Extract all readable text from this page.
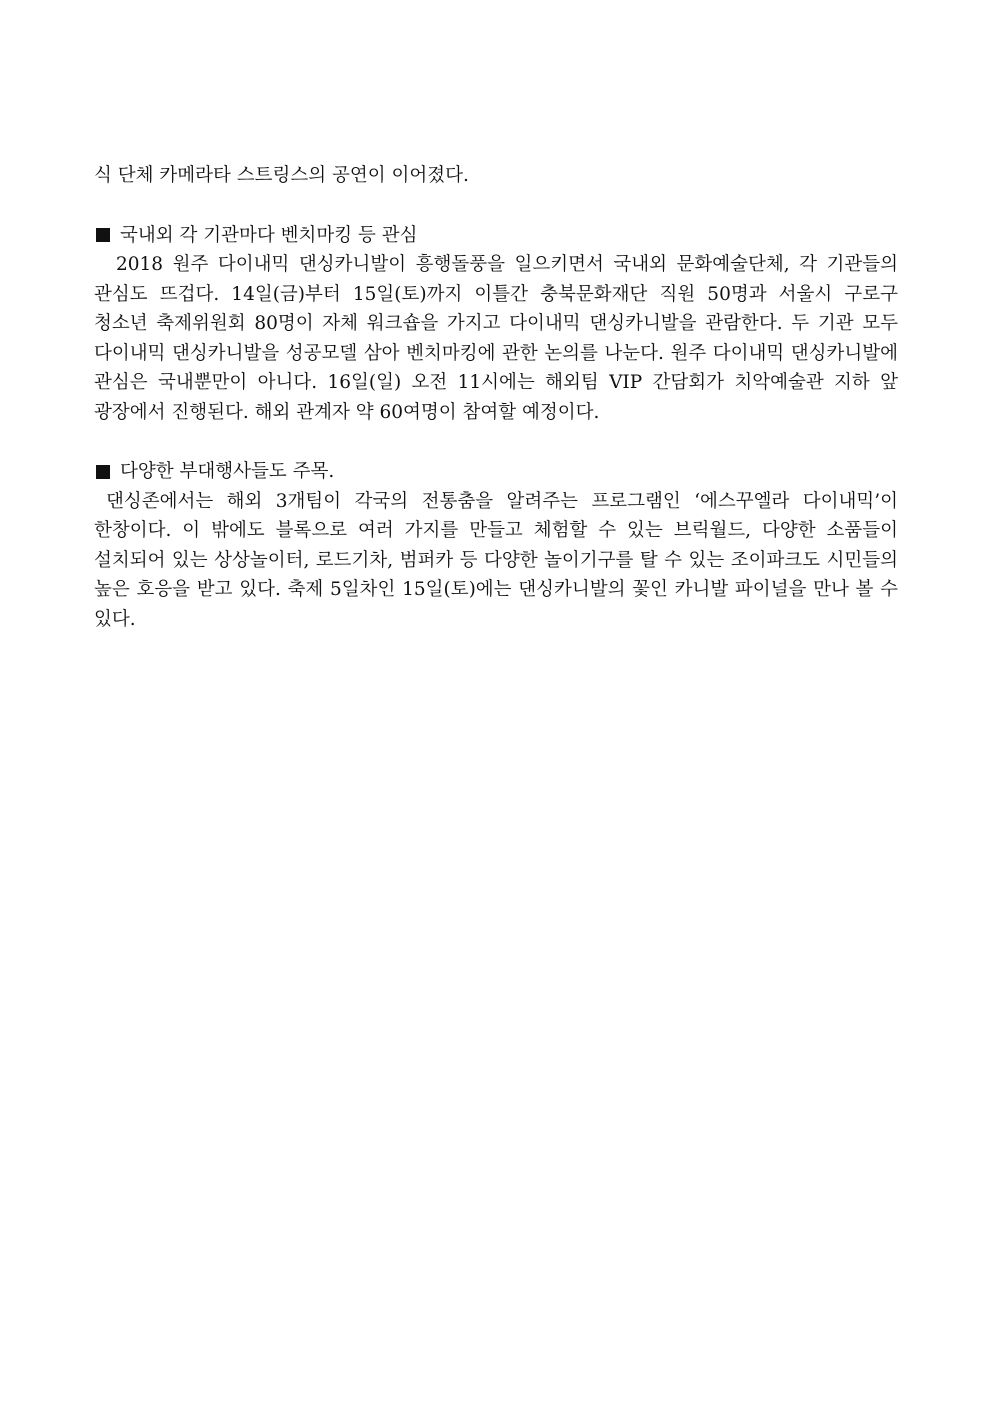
식 단체 카메라타 스트링스의 공연이 이어졌다.

국내외 각 기관마다 벤치마킹 등 관심

2018 원주 다이내믹 댄싱카니발이 흥행돌풍을 일으키면서 국내외 문화예술단체, 각 기관들의 관심도 뜨겁다. 14일(금)부터 15일(토)까지 이틀간 충북문화재단 직원 50명과 서울시 구로구 청소년 축제위원회 80명이 자체 워크숍을 가지고 다이내믹 댄싱카니발을 관람한다. 두 기관 모두 다이내믹 댄싱카니발을 성공모델 삼아 벤치마킹에 관한 논의를 나눈다. 원주 다이내믹 댄싱카니발에 관심은 국내뿐만이 아니다. 16일(일) 오전 11시에는 해외팀 VIP 간담회가 치악예술관 지하 앞 광장에서 진행된다. 해외 관계자 약 60여명이 참여할 예정이다.

다양한 부대행사들도 주목.

댄싱존에서는 해외 3개팀이 각국의 전통춤을 알려주는 프로그램인 ‘에스꾸엘라 다이내믹’이 한창이다. 이 밖에도 블록으로 여러 가지를 만들고 체험할 수 있는 브릭월드, 다양한 소품들이 설치되어 있는 상상놀이터, 로드기차, 범퍼카 등 다양한 놀이기구를 탈 수 있는 조이파크도 시민들의 높은 호응을 받고 있다. 축제 5일차인 15일(토)에는 댄싱카니발의 꽃인 카니발 파이널을 만나 볼 수 있다.
